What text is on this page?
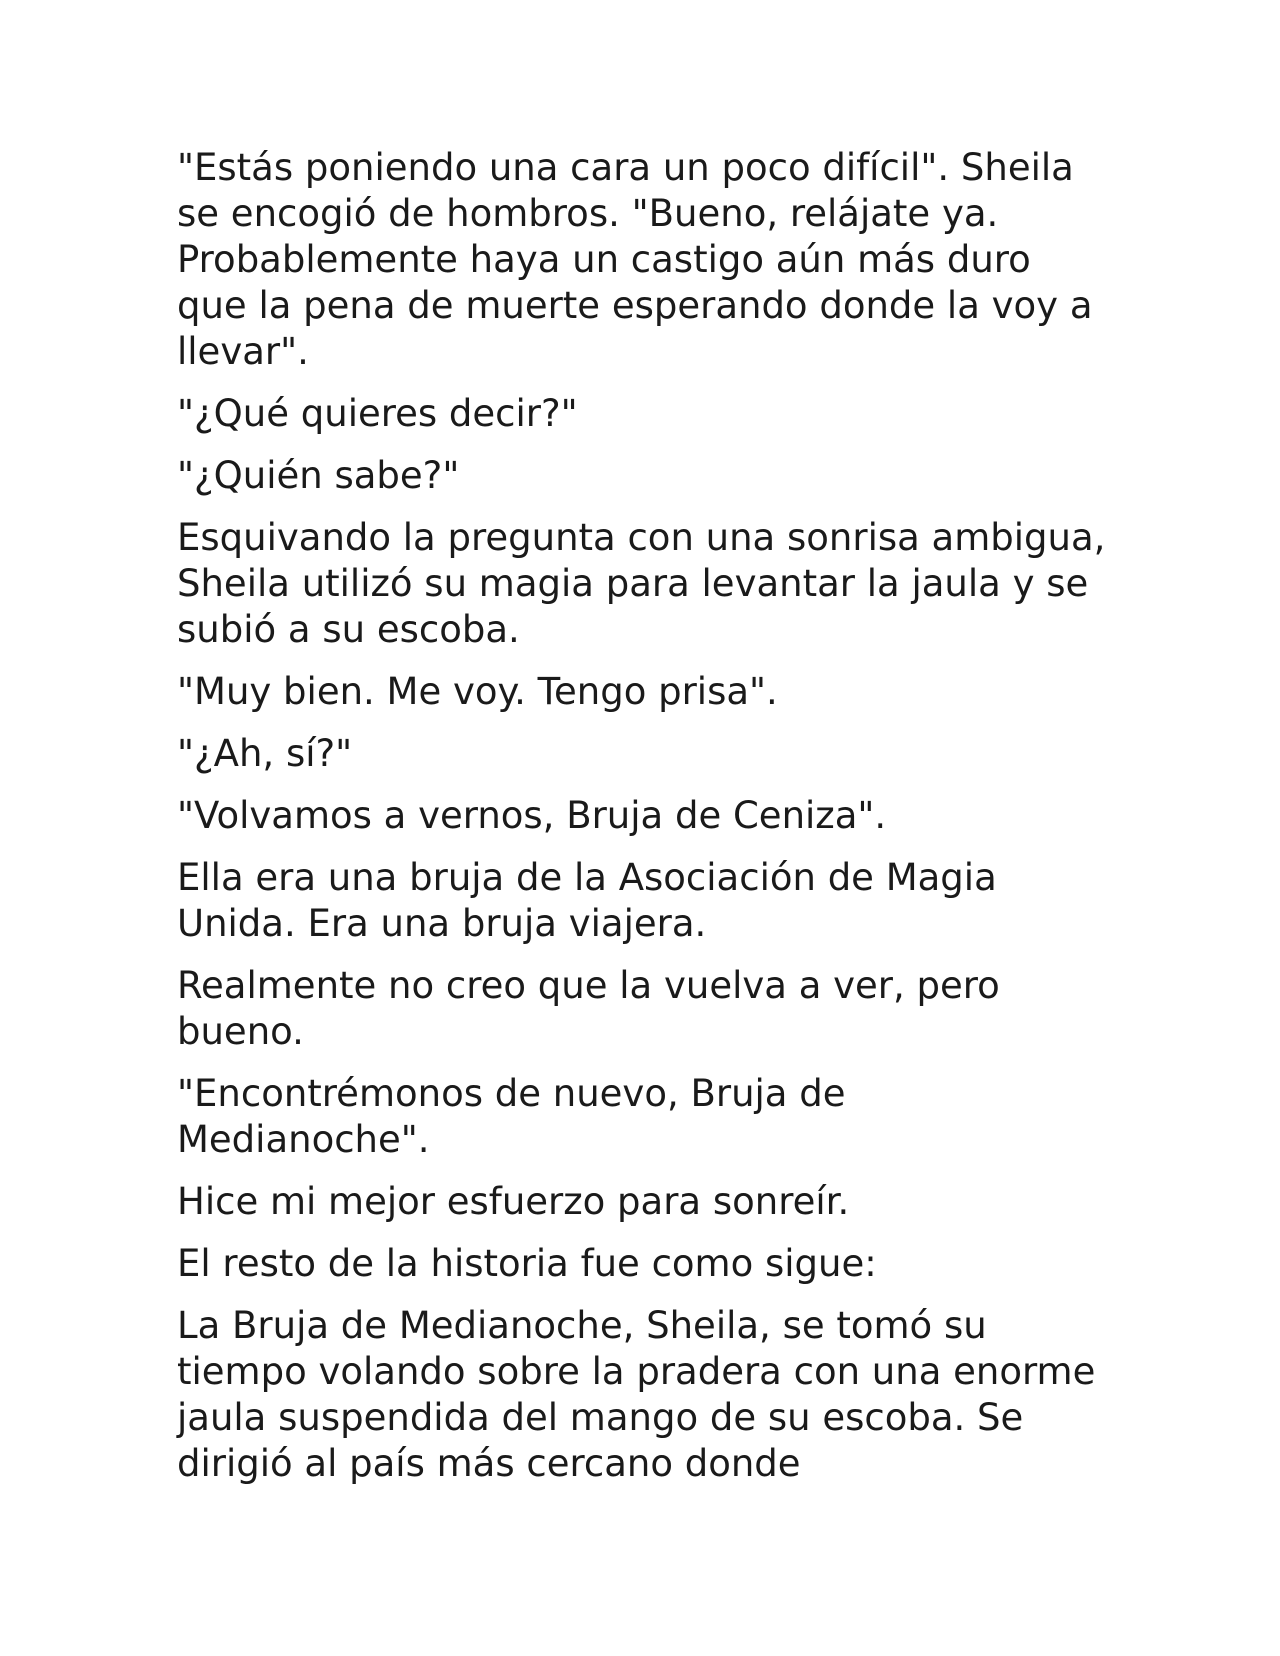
"Estás poniendo una cara un poco difícil". Sheila se encogió de hombros. "Bueno, relájate ya. Probablemente haya un castigo aún más duro que la pena de muerte esperando donde la voy a llevar".

"¿Qué quieres decir?"

"¿Quién sabe?"

Esquivando la pregunta con una sonrisa ambigua, Sheila utilizó su magia para levantar la jaula y se subió a su escoba.

"Muy bien. Me voy. Tengo prisa".

"¿Ah, sí?"

"Volvamos a vernos, Bruja de Ceniza".

Ella era una bruja de la Asociación de Magia Unida. Era una bruja viajera.

Realmente no creo que la vuelva a ver, pero bueno.

"Encontrémonos de nuevo, Bruja de Medianoche".

Hice mi mejor esfuerzo para sonreír.

El resto de la historia fue como sigue:

La Bruja de Medianoche, Sheila, se tomó su tiempo volando sobre la pradera con una enorme jaula suspendida del mango de su escoba. Se dirigió al país más cercano donde
